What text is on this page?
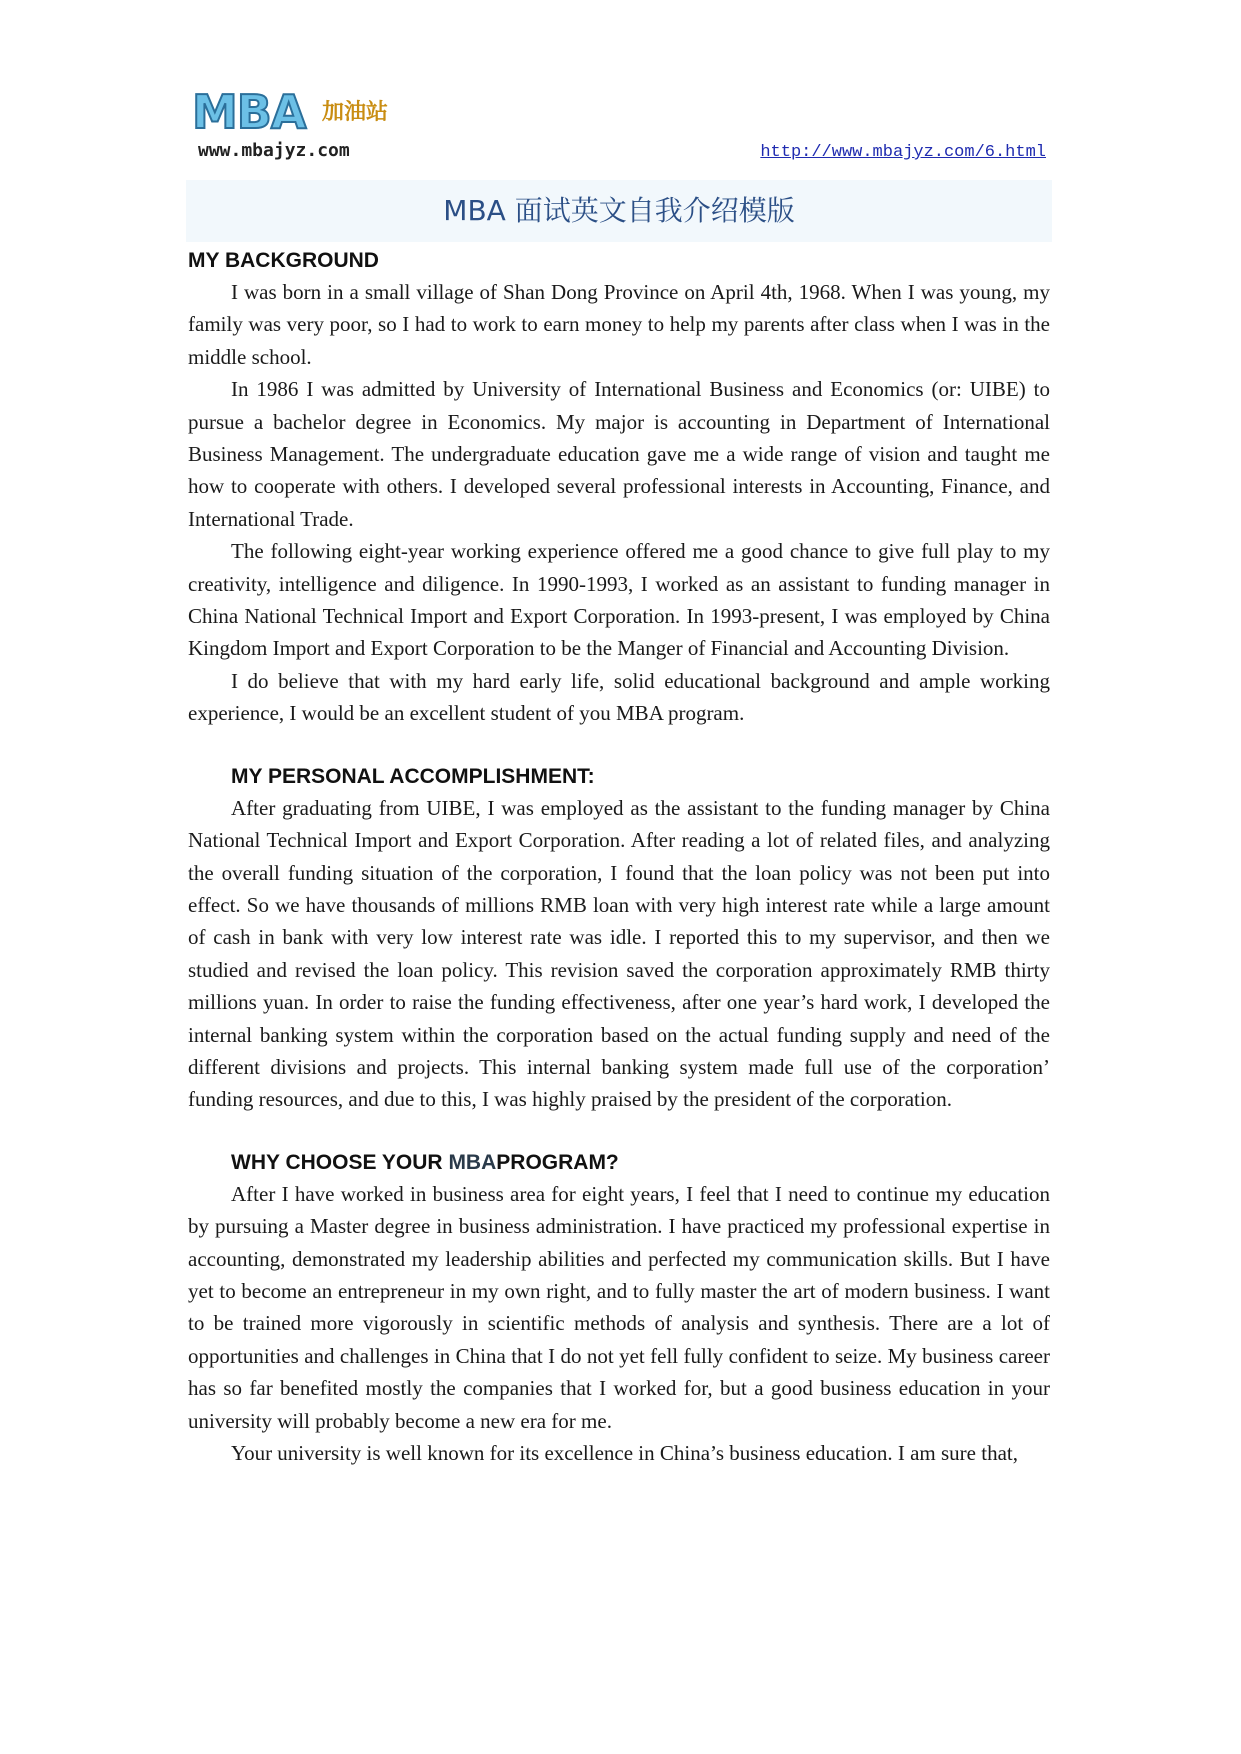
MBA 加油站
www.mbajyz.com	http://www.mbajyz.com/6.html
MBA 面试英文自我介绍模版

MY BACKGROUND

I was born in a small village of Shan Dong Province on April 4th, 1968. When I was young, my family was very poor, so I had to work to earn money to help my parents after class when I was in the middle school.

In 1986 I was admitted by University of International Business and Economics (or: UIBE) to pursue a bachelor degree in Economics. My major is accounting in Department of International Business Management. The undergraduate education gave me a wide range of vision and taught me how to cooperate with others. I developed several professional interests in Accounting, Finance, and International Trade.

The following eight-year working experience offered me a good chance to give full play to my creativity, intelligence and diligence. In 1990-1993, I worked as an assistant to funding manager in China National Technical Import and Export Corporation. In 1993-present, I was employed by China Kingdom Import and Export Corporation to be the Manger of Financial and Accounting Division.

I do believe that with my hard early life, solid educational background and ample working experience, I would be an excellent student of you MBA program.

MY PERSONAL ACCOMPLISHMENT:

After graduating from UIBE, I was employed as the assistant to the funding manager by China National Technical Import and Export Corporation. After reading a lot of related files, and analyzing the overall funding situation of the corporation, I found that the loan policy was not been put into effect. So we have thousands of millions RMB loan with very high interest rate while a large amount of cash in bank with very low interest rate was idle. I reported this to my supervisor, and then we studied and revised the loan policy. This revision saved the corporation approximately RMB thirty millions yuan. In order to raise the funding effectiveness, after one year’s hard work, I developed the internal banking system within the corporation based on the actual funding supply and need of the different divisions and projects. This internal banking system made full use of the corporation’ funding resources, and due to this, I was highly praised by the president of the corporation.

WHY CHOOSE YOUR MBAPROGRAM?

After I have worked in business area for eight years, I feel that I need to continue my education by pursuing a Master degree in business administration. I have practiced my professional expertise in accounting, demonstrated my leadership abilities and perfected my communication skills. But I have yet to become an entrepreneur in my own right, and to fully master the art of modern business. I want to be trained more vigorously in scientific methods of analysis and synthesis. There are a lot of opportunities and challenges in China that I do not yet fell fully confident to seize. My business career has so far benefited mostly the companies that I worked for, but a good business education in your university will probably become a new era for me.

Your university is well known for its excellence in China’s business education. I am sure that,
